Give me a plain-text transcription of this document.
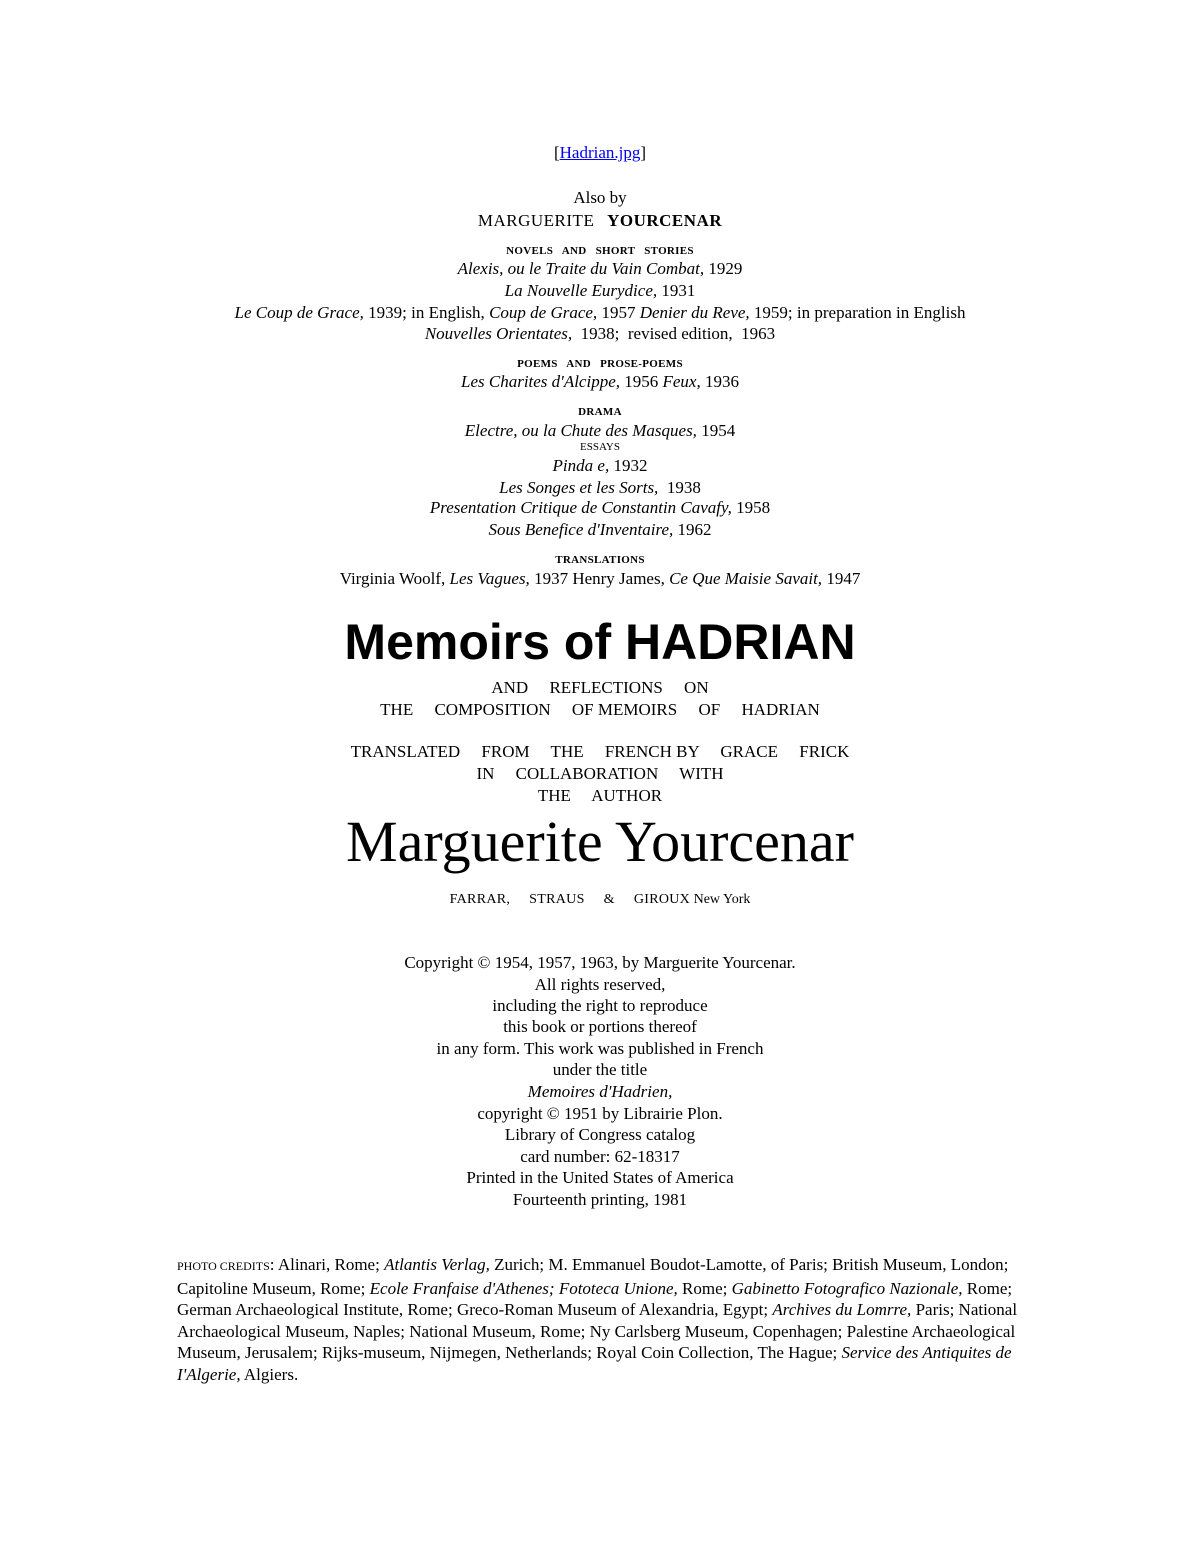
[Hadrian.jpg]
Also by
MARGUERITE YOURCENAR
NOVELS   AND   SHORT   STORIES
Alexis, ou le Traite du Vain Combat, 1929
La Nouvelle Eurydice, 1931
Le Coup de Grace, 1939; in English, Coup de Grace, 1957 Denier du Reve, 1959; in preparation in English
Nouvelles Orientates,  1938;  revised edition,  1963
POEMS   AND   PROSE-POEMS
Les Charites d'Alcippe, 1956 Feux, 1936
DRAMA
Electre, ou la Chute des Masques, 1954
ESSAYS
Pinda e, 1932
Les Songes et les Sorts,  1938
Presentation Critique de Constantin Cavafy, 1958
Sous Benefice d'Inventaire, 1962
TRANSLATIONS
Virginia Woolf, Les Vagues, 1937 Henry James, Ce Que Maisie Savait, 1947
Memoirs of HADRIAN
AND     REFLECTIONS     ON
THE     COMPOSITION     OF MEMOIRS     OF     HADRIAN
TRANSLATED     FROM     THE     FRENCH BY     GRACE     FRICK
IN     COLLABORATION     WITH
THE     AUTHOR
Marguerite Yourcenar
FARRAR,     STRAUS     &     GIROUX New York
Copyright © 1954, 1957, 1963, by Marguerite Yourcenar.
All rights reserved,
including the right to reproduce
this book or portions thereof
in any form. This work was published in French
under the title
Memoires d'Hadrien,
copyright © 1951 by Librairie Plon.
Library of Congress catalog
card number: 62-18317
Printed in the United States of America
Fourteenth printing, 1981
PHOTO CREDITS: Alinari, Rome; Atlantis Verlag, Zurich; M. Emmanuel Boudot-Lamotte, of Paris; British Museum, London; Capitoline Museum, Rome; Ecole Franfaise d'Athenes; Fototeca Unione, Rome; Gabinetto Fotografico Nazionale, Rome; German Archaeological Institute, Rome; Greco-Roman Museum of Alexandria, Egypt; Archives du Lomrre, Paris; National Archaeological Museum, Naples; National Museum, Rome; Ny Carlsberg Museum, Copenhagen; Palestine Archaeological Museum, Jerusalem; Rijks-museum, Nijmegen, Netherlands; Royal Coin Collection, The Hague; Service des Antiquites de I'Algerie, Algiers.
